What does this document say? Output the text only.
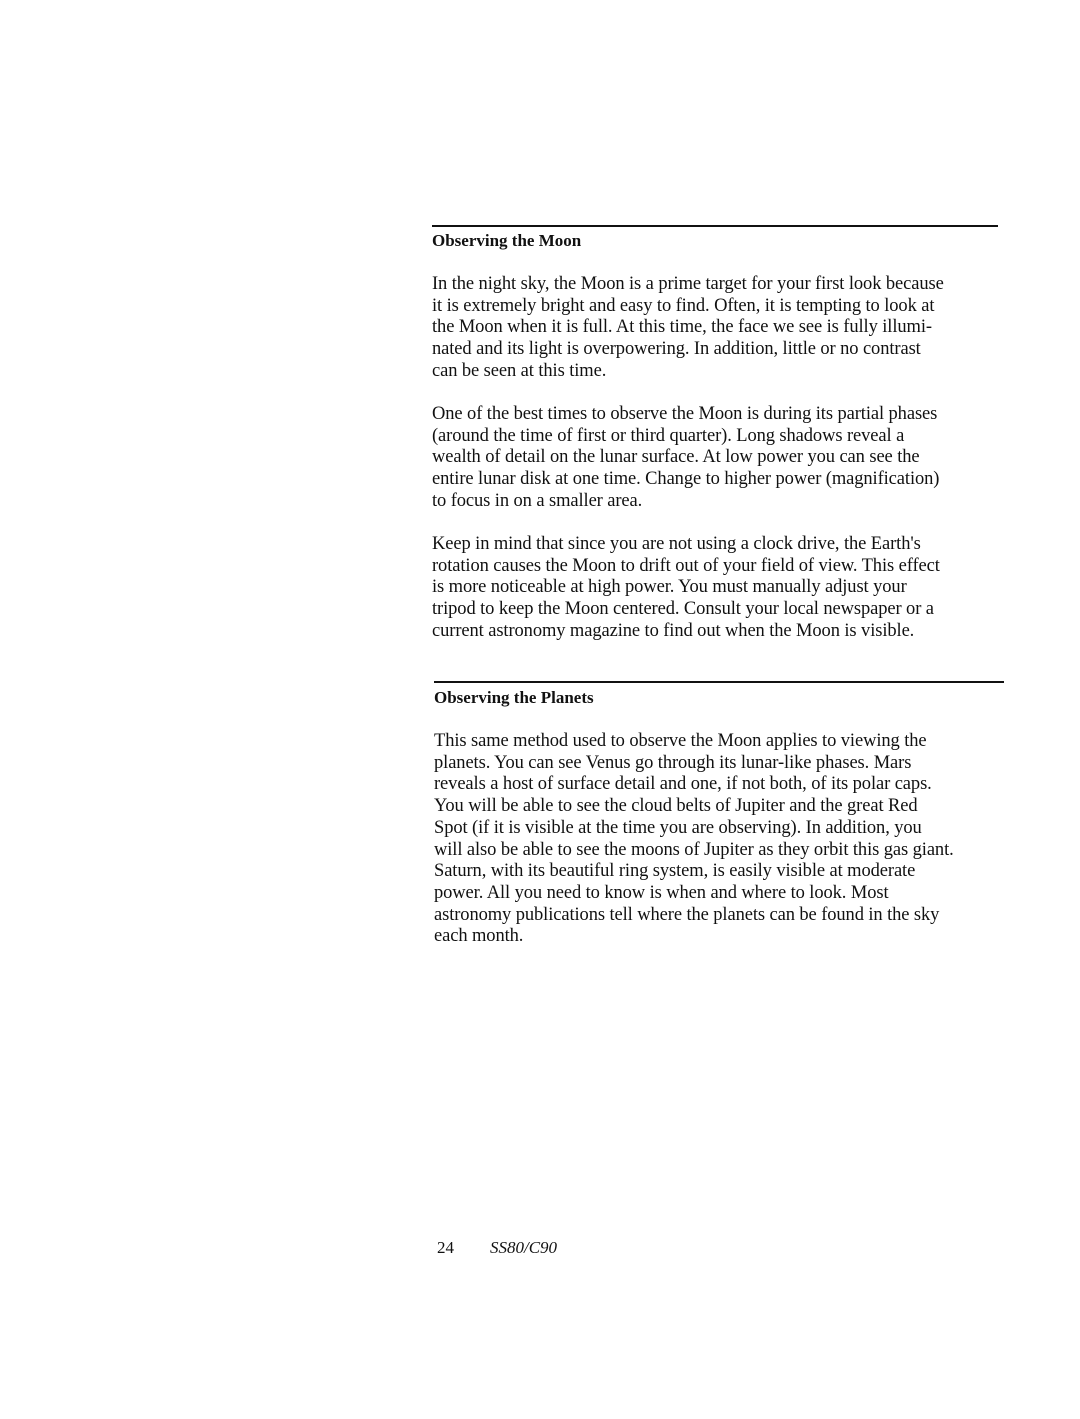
Observing the Moon
In the night sky, the Moon is a prime target for your first look because
it is extremely bright and easy to find. Often, it is tempting to look at
the Moon when it is full. At this time, the face we see is fully illumi-
nated and its light is overpowering. In addition, little or no contrast
can be seen at this time.
One of the best times to observe the Moon is during its partial phases
(around the time of first or third quarter). Long shadows reveal a
wealth of detail on the lunar surface. At low power you can see the
entire lunar disk at one time. Change to higher power (magnification)
to focus in on a smaller area.
Keep in mind that since you are not using a clock drive, the Earth's
rotation causes the Moon to drift out of your field of view. This effect
is more noticeable at high power. You must manually adjust your
tripod to keep the Moon centered. Consult your local newspaper or a
current astronomy magazine to find out when the Moon is visible.
Observing the Planets
This same method used to observe the Moon applies to viewing the
planets. You can see Venus go through its lunar-like phases. Mars
reveals a host of surface detail and one, if not both, of its polar caps.
You will be able to see the cloud belts of Jupiter and the great Red
Spot (if it is visible at the time you are observing). In addition, you
will also be able to see the moons of Jupiter as they orbit this gas giant.
Saturn, with its beautiful ring system, is easily visible at moderate
power. All you need to know is when and where to look. Most
astronomy publications tell where the planets can be found in the sky
each month.
24 SS80/C90
